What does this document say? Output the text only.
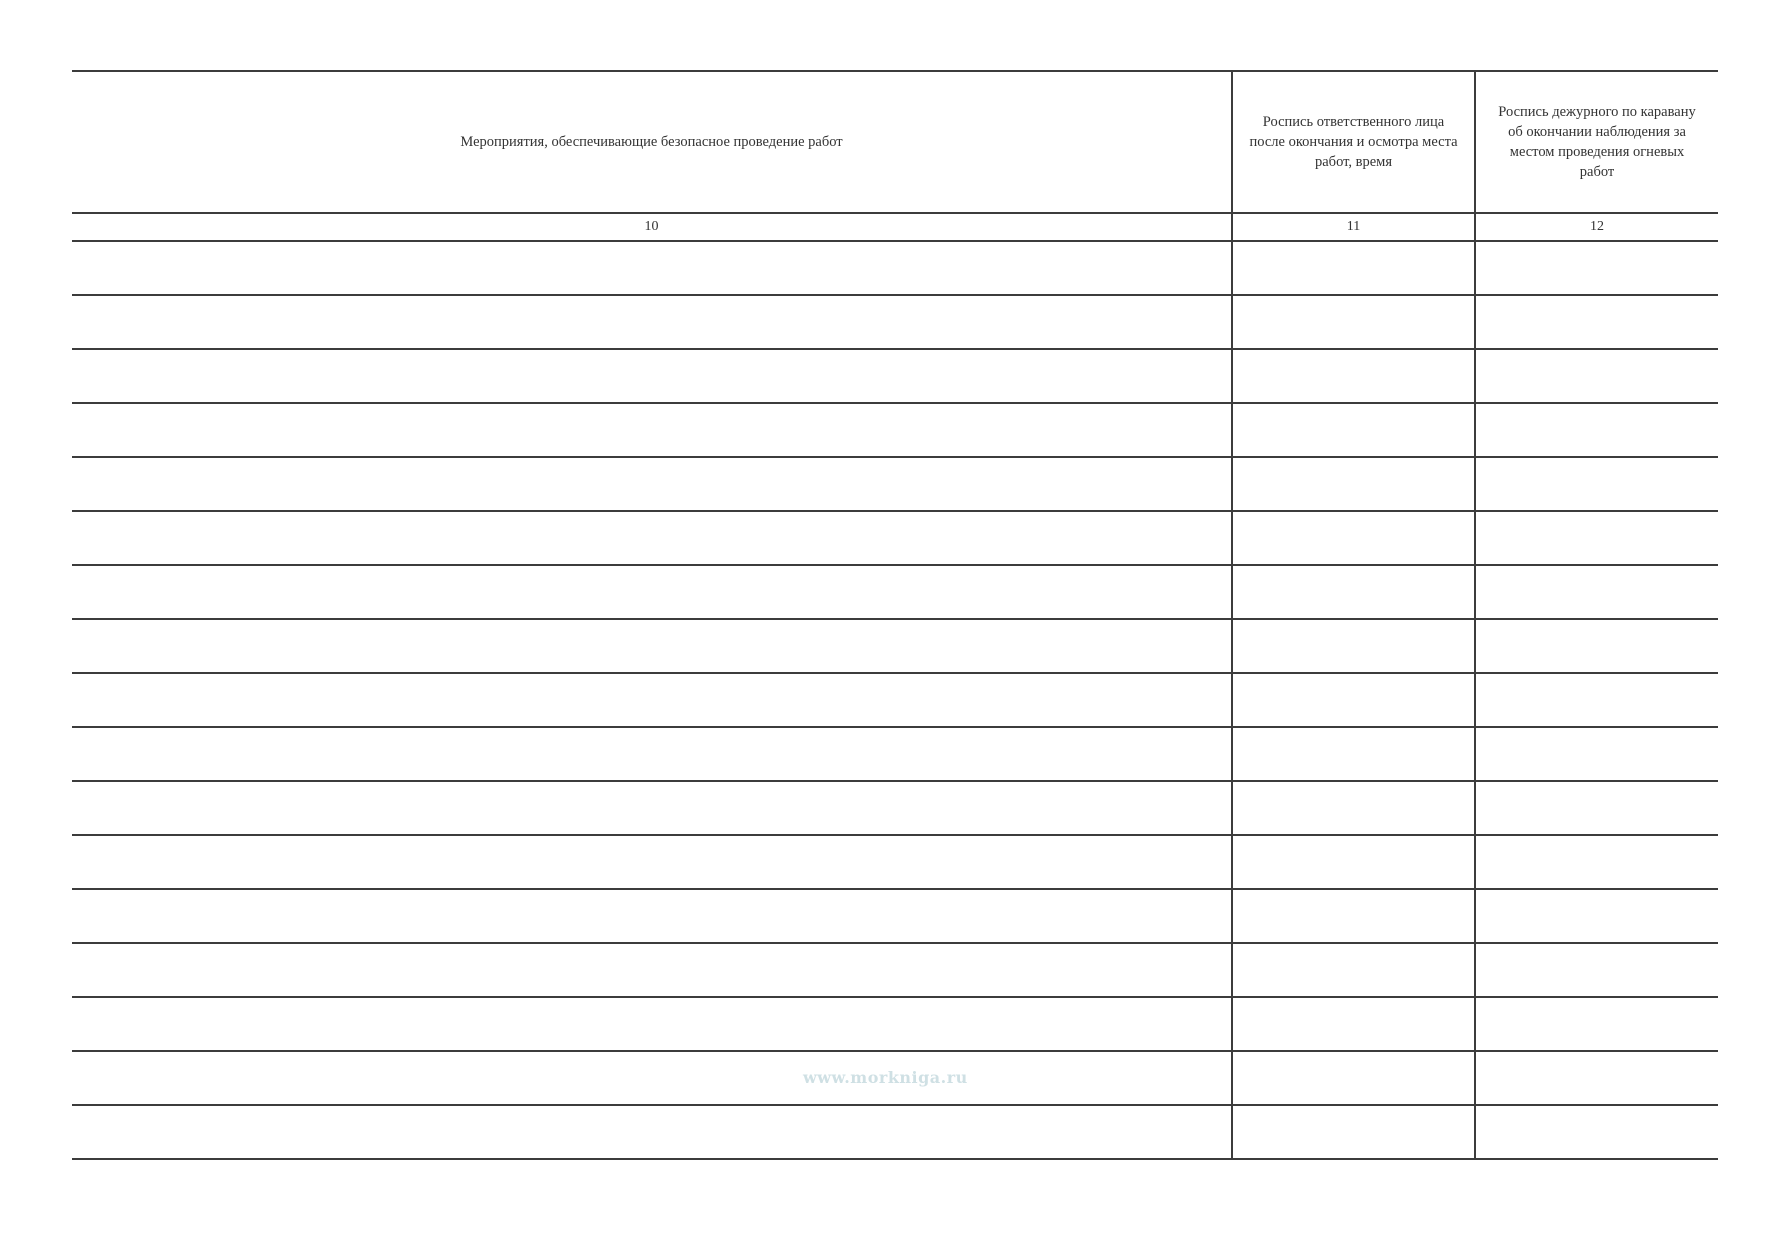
Мероприятия, обеспечивающие безопасное проведение работ	Роспись ответственного лица после окончания и осмотра места работ, время	Роспись дежурного по каравану об окончании наблюдения за местом проведения огневых работ
10	11	12

www.morkniga.ru
